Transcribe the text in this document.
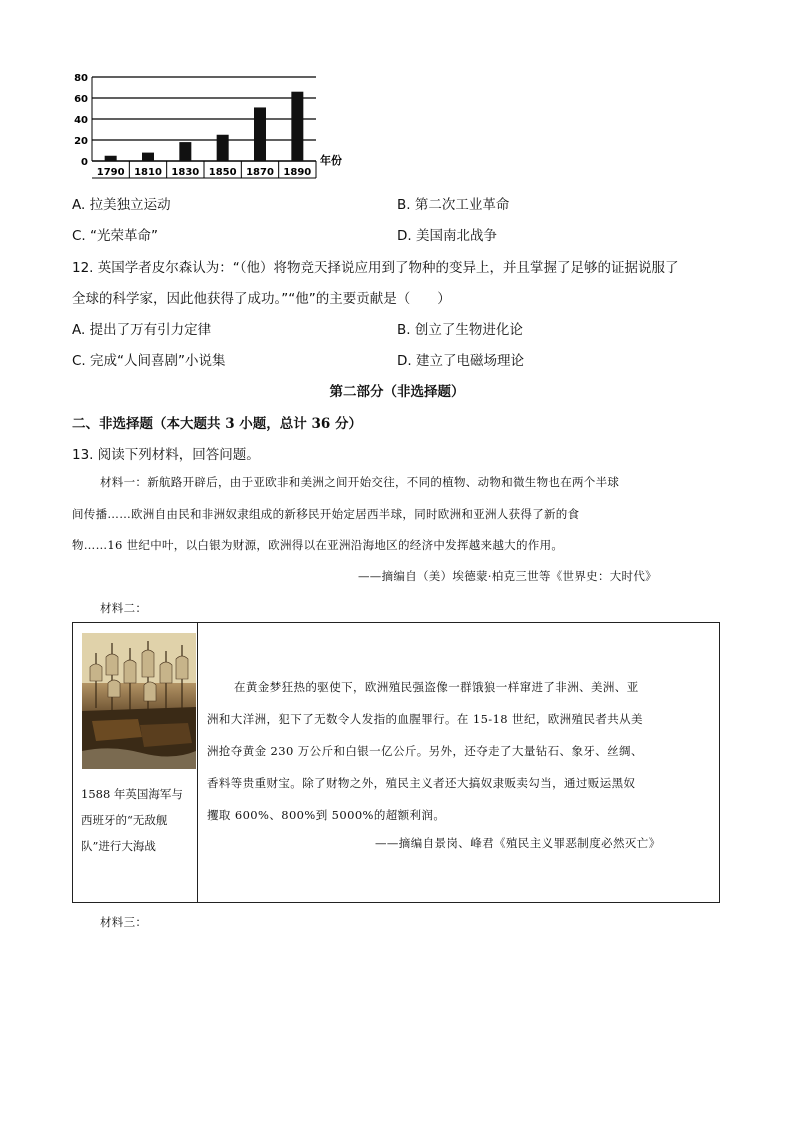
0
20
40
60
80
1790 1810 1830 1850 1870 1890
年份
A. 拉美独立运动	B. 第二次工业革命
C. “光荣革命”	D. 美国南北战争
12. 英国学者皮尔森认为：“（他）将物竞天择说应用到了物种的变异上，并且掌握了足够的证据说服了
全球的科学家，因此他获得了成功。”“他”的主要贡献是（　　）
A. 提出了万有引力定律	B. 创立了生物进化论
C. 完成“人间喜剧”小说集	D. 建立了电磁场理论
第二部分（非选择题）
二、非选择题（本大题共 3 小题，总计 36 分）
13. 阅读下列材料，回答问题。
材料一：新航路开辟后，由于亚欧非和美洲之间开始交往，不同的植物、动物和微生物也在两个半球
间传播……欧洲自由民和非洲奴隶组成的新移民开始定居西半球，同时欧洲和亚洲人获得了新的食
物……16 世纪中叶，以白银为财源，欧洲得以在亚洲沿海地区的经济中发挥越来越大的作用。
——摘编自（美）埃德蒙·柏克三世等《世界史：大时代》
材料二：
1588 年英国海军与西班牙的“无敌舰队”进行大海战
在黄金梦狂热的驱使下，欧洲殖民强盗像一群饿狼一样窜进了非洲、美洲、亚
洲和大洋洲，犯下了无数令人发指的血腥罪行。在 15-18 世纪，欧洲殖民者共从美
洲抢夺黄金 230 万公斤和白银一亿公斤。另外，还夺走了大量钻石、象牙、丝绸、
香料等贵重财宝。除了财物之外，殖民主义者还大搞奴隶贩卖勾当，通过贩运黑奴
攫取 600%、800%到 5000%的超额利润。
——摘编自景岗、峰君《殖民主义罪恶制度必然灭亡》
材料三：
